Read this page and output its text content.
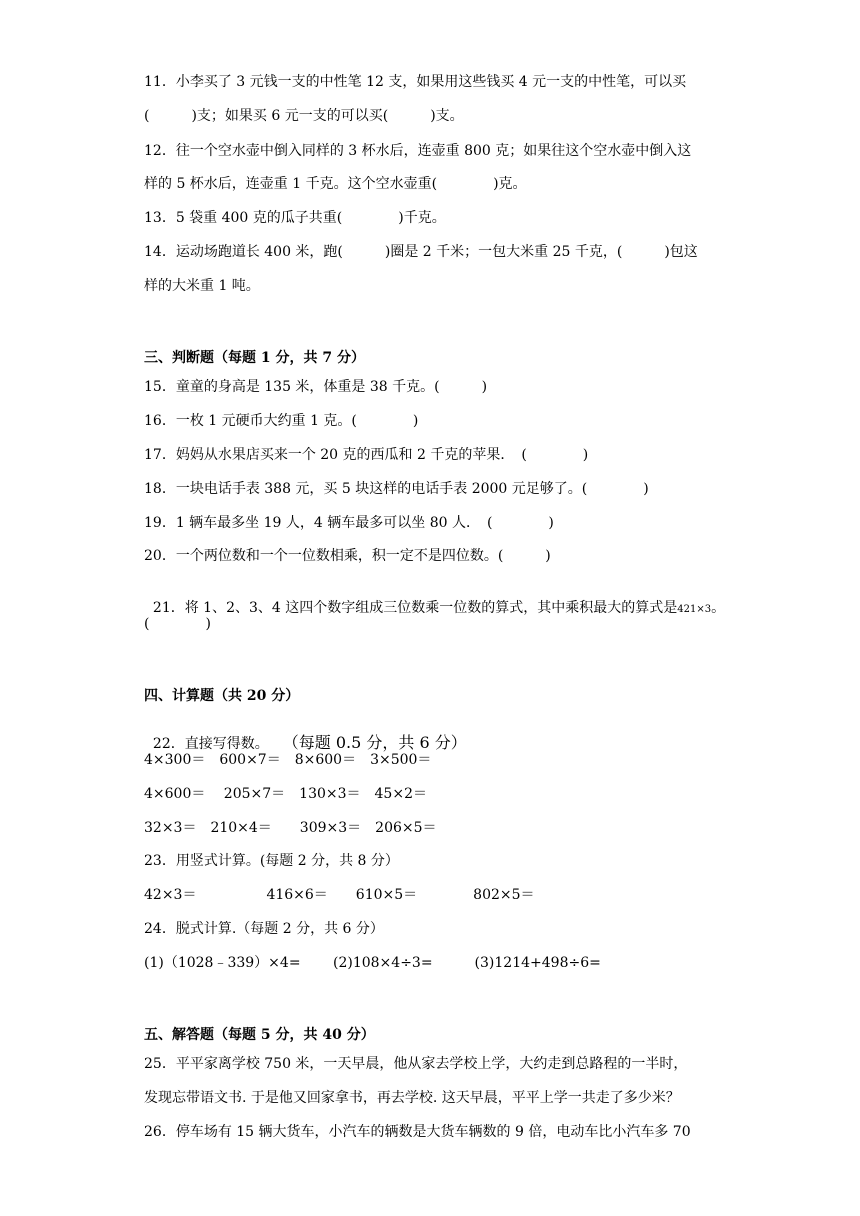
11．小李买了 3 元钱一支的中性笔 12 支，如果用这些钱买 4 元一支的中性笔，可以买
(　　　)支；如果买 6 元一支的可以买(　　　)支。
12．往一个空水壶中倒入同样的 3 杯水后，连壶重 800 克；如果往这个空水壶中倒入这
样的 5 杯水后，连壶重 1 千克。这个空水壶重(　　　　)克。
13．5 袋重 400 克的瓜子共重(　　　　)千克。
14．运动场跑道长 400 米，跑(　　　)圈是 2 千米；一包大米重 25 千克，(　　　)包这
样的大米重 1 吨。
三、判断题（每题 1 分，共 7 分）
15．童童的身高是 135 米，体重是 38 千克。(　　　)
16．一枚 1 元硬币大约重 1 克。(　　　　)
17．妈妈从水果店买来一个 20 克的西瓜和 2 千克的苹果．　(　　　　)
18．一块电话手表 388 元，买 5 块这样的电话手表 2000 元足够了。(　　　　)
19．1 辆车最多坐 19 人，4 辆车最多可以坐 80 人．　(　　　　)
20．一个两位数和一个一位数相乘，积一定不是四位数。(　　　)

21．将 1、2、3、4 这四个数字组成三位数乘一位数的算式，其中乘积最大的算式是421×3。

(　　　　)
四、计算题（共 20 分）

22．直接写得数。 （每题 0.5 分，共 6 分）

4×300＝　600×7＝　8×600＝　3×500＝
4×600＝　 205×7＝　130×3＝　45×2＝
32×3＝　210×4＝　　309×3＝　206×5＝
23．用竖式计算。(每题 2 分，共 8 分）
42×3＝　　　　　416×6＝　　610×5＝　　　　802×5＝
24．脱式计算.（每题 2 分，共 6 分）
(1)（1028﹣339）×4=　　 (2)108×4÷3=　　　(3)1214+498÷6=
五、解答题（每题 5 分，共 40 分）
25．平平家离学校 750 米，一天早晨，他从家去学校上学，大约走到总路程的一半时，
发现忘带语文书. 于是他又回家拿书，再去学校. 这天早晨，平平上学一共走了多少米？
26．停车场有 15 辆大货车，小汽车的辆数是大货车辆数的 9 倍，电动车比小汽车多 70
